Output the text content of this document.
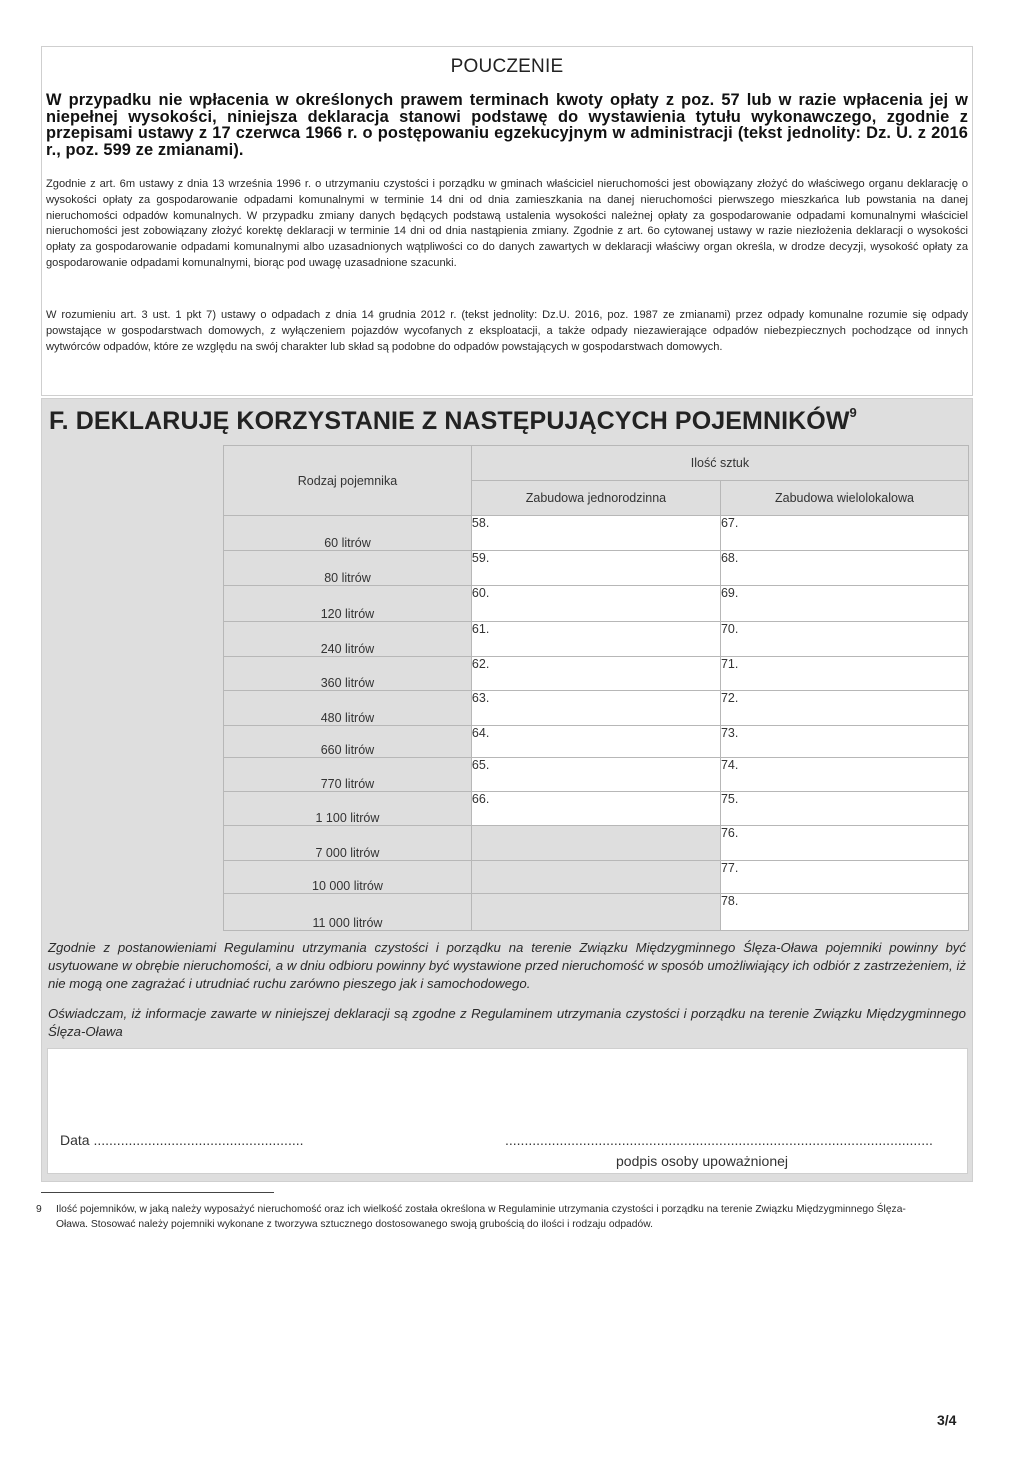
POUCZENIE

W przypadku nie wpłacenia w określonych prawem terminach kwoty opłaty z poz. 57 lub w razie wpłacenia jej w niepełnej wysokości, niniejsza deklaracja stanowi podstawę do wystawienia tytułu wykonawczego, zgodnie z przepisami ustawy z 17 czerwca 1966 r. o postępowaniu egzekucyjnym w administracji (tekst jednolity: Dz. U. z 2016 r., poz. 599 ze zmianami).

Zgodnie z art. 6m ustawy z dnia 13 września 1996 r. o utrzymaniu czystości i porządku w gminach właściciel nieruchomości jest obowiązany złożyć do właściwego organu deklarację o wysokości opłaty za gospodarowanie odpadami komunalnymi w terminie 14 dni od dnia zamieszkania na danej nieruchomości pierwszego mieszkańca lub powstania na danej nieruchomości odpadów komunalnych. W przypadku zmiany danych będących podstawą ustalenia wysokości należnej opłaty za gospodarowanie odpadami komunalnymi właściciel nieruchomości jest zobowiązany złożyć korektę deklaracji w terminie 14 dni od dnia nastąpienia zmiany. Zgodnie z art. 6o cytowanej ustawy w razie niezłożenia deklaracji o wysokości opłaty za gospodarowanie odpadami komunalnymi albo uzasadnionych wątpliwości co do danych zawartych w deklaracji właściwy organ określa, w drodze decyzji, wysokość opłaty za gospodarowanie odpadami komunalnymi, biorąc pod uwagę uzasadnione szacunki.

W rozumieniu art. 3 ust. 1 pkt 7) ustawy o odpadach z dnia 14 grudnia 2012 r. (tekst jednolity: Dz.U. 2016, poz. 1987 ze zmianami) przez odpady komunalne rozumie się odpady powstające w gospodarstwach domowych, z wyłączeniem pojazdów wycofanych z eksploatacji, a także odpady niezawierające odpadów niebezpiecznych pochodzące od innych wytwórców odpadów, które ze względu na swój charakter lub skład są podobne do odpadów powstających w gospodarstwach domowych.

F. DEKLARUJĘ KORZYSTANIE Z NASTĘPUJĄCYCH POJEMNIKÓW$^9$
Rodzaj pojemnika	Ilość sztuk	
	Zabudowa jednorodzinna	Zabudowa wielolokalowa
60 litrów	58.	67.
80 litrów	59.	68.
120 litrów	60.	69.
240 litrów	61.	70.
360 litrów	62.	71.
480 litrów	63.	72.
660 litrów	64.	73.
770 litrów	65.	74.
1 100 litrów	66.	75.
7 000 litrów		76.
10 000 litrów		77.
11 000 litrów		78.

Zgodnie z postanowieniami Regulaminu utrzymania czystości i porządku na terenie Związku Międzygminnego Ślęza-Oława pojemniki powinny być usytuowane w obrębie nieruchomości, a w dniu odbioru powinny być wystawione przed nieruchomość w sposób umożliwiający ich odbiór z zastrzeżeniem, iż nie mogą one zagrażać i utrudniać ruchu zarówno pieszego jak i samochodowego.

Oświadczam, iż informacje zawarte w niniejszej deklaracji są zgodne z Regulaminem utrzymania czystości i porządku na terenie Związku Międzygminnego Ślęza-Oława

Data ......................................................	..............................................................................................................
podpis osoby upoważnionej
9 Ilość pojemników, w jaką należy wyposażyć nieruchomość oraz ich wielkość została określona w Regulaminie utrzymania czystości i porządku na terenie Związku Międzygminnego Ślęza-Oława. Stosować należy pojemniki wykonane z tworzywa sztucznego dostosowanego swoją grubością do ilości i rodzaju odpadów.
3/4
